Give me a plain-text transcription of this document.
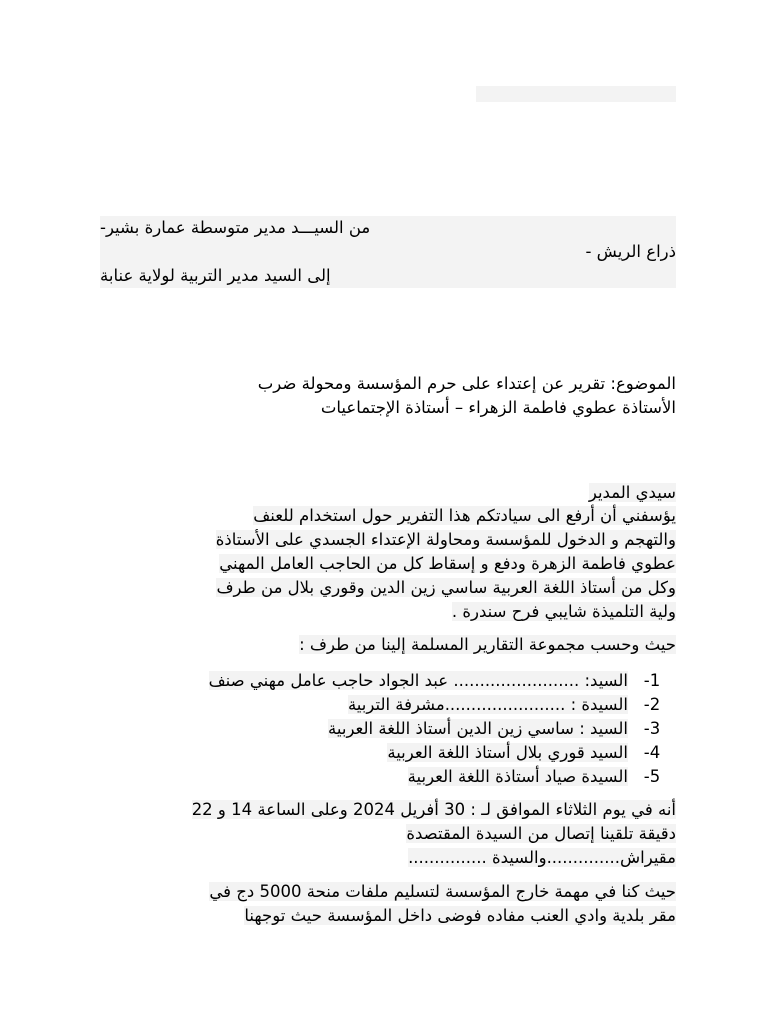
من السيـــد مدير متوسطة عمارة بشير-
ذراع الريش -
إلى السيد مدير التربية لولاية عنابة
الموضوع: تقرير عن إعتداء على حرم المؤسسة ومحولة ضرب
الأستاذة عطوي فاطمة الزهراء – أستاذة الإجتماعيات
سيدي المدير
يؤسفني أن أرفع الى سيادتكم هذا التفرير حول استخدام للعنف
والتهجم و الدخول للمؤسسة ومحاولة الإعتداء الجسدي على الأستاذة
عطوي فاطمة الزهرة ودفع و إسقاط كل من الحاجب العامل المهني
وكل من أستاذ اللغة العربية ساسي زين الدين وقوري بلال من طرف
ولية التلميذة شايبي فرح سندرة .
حيث وحسب مجموعة التقارير المسلمة إلينا من طرف :
1-السيد: ........................ عبد الجواد حاجب عامل مهني صنف
2-السيدة : .......................مشرفة التربية
3-السيد : ساسي زين الدين أستاذ اللغة العربية
4-السيد قوري بلال أستاذ اللغة العربية
5-السيدة صياد أستاذة اللغة العربية
أنه في يوم الثلاثاء الموافق لـ : 30 أفريل 2024 وعلى الساعة 14 و 22
دقيقة تلقينا إتصال من السيدة المقتصدة
مقيراش..............والسيدة ...............
حيث كنا في مهمة خارج المؤسسة لتسليم ملفات منحة 5000 دج في
مقر بلدية وادي العنب مفاده فوضى داخل المؤسسة حيث توجهنا
